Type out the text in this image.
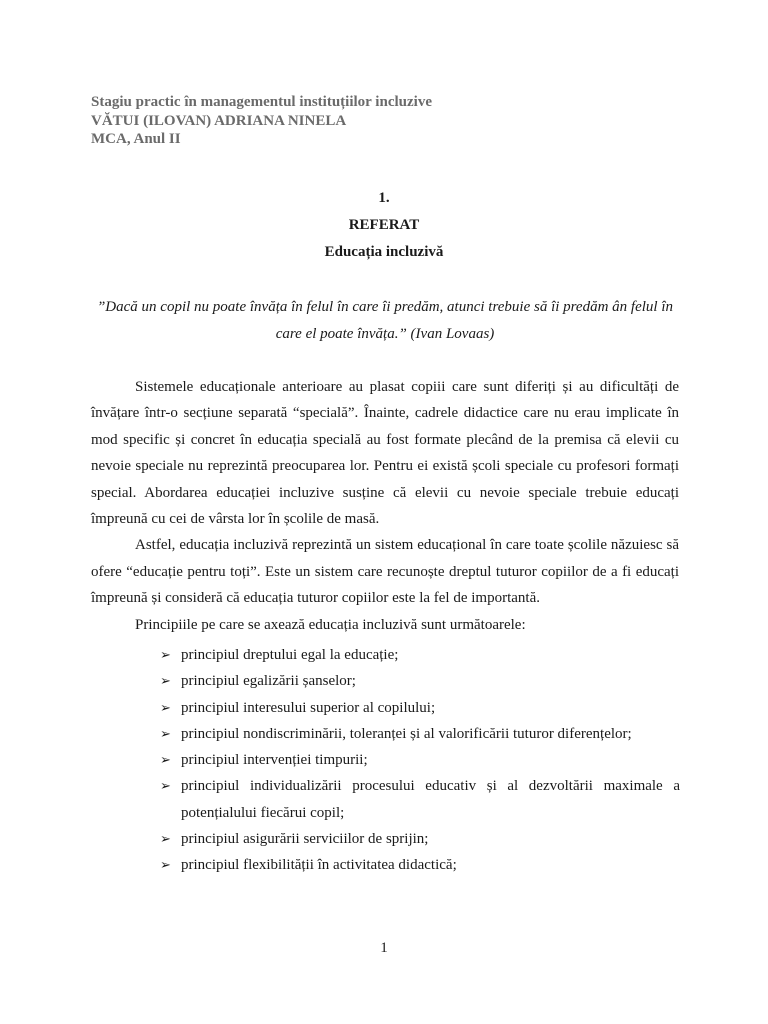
Stagiu practic în managementul instituțiilor incluzive
VĂTUI (ILOVAN) ADRIANA NINELA
MCA, Anul II
1.
REFERAT
Educația incluzivă
”Dacă un copil nu poate învăța în felul în care îi predăm, atunci trebuie să îi predăm ân felul în care el poate învăța.” (Ivan Lovaas)

Sistemele educaționale anterioare au plasat copiii care sunt diferiți și au dificultăți de învățare într-o secțiune separată “specială”. Înainte, cadrele didactice care nu erau implicate în mod specific și concret în educația specială au fost formate plecând de la premisa că elevii cu nevoie speciale nu reprezintă preocuparea lor. Pentru ei există școli speciale cu profesori formați special. Abordarea educației incluzive susține că elevii cu nevoie speciale trebuie educați împreună cu cei de vârsta lor în școlile de masă.

Astfel, educația incluzivă reprezintă un sistem educațional în care toate școlile năzuiesc să ofere “educație pentru toți”. Este un sistem care recunoște dreptul tuturor copiilor de a fi educați împreună și consideră că educația tuturor copiilor este la fel de importantă.

Principiile pe care se axează educația incluzivă sunt următoarele:

➢ principiul dreptului egal la educație;
➢ principiul egalizării șanselor;
➢ principiul interesului superior al copilului;
➢ principiul nondiscriminării, toleranței și al valorificării tuturor diferențelor;
➢ principiul intervenției timpurii;
➢ principiul individualizării procesului educativ și al dezvoltării maximale a potențialului fiecărui copil;
➢ principiul asigurării serviciilor de sprijin;
➢ principiul flexibilității în activitatea didactică;
1
